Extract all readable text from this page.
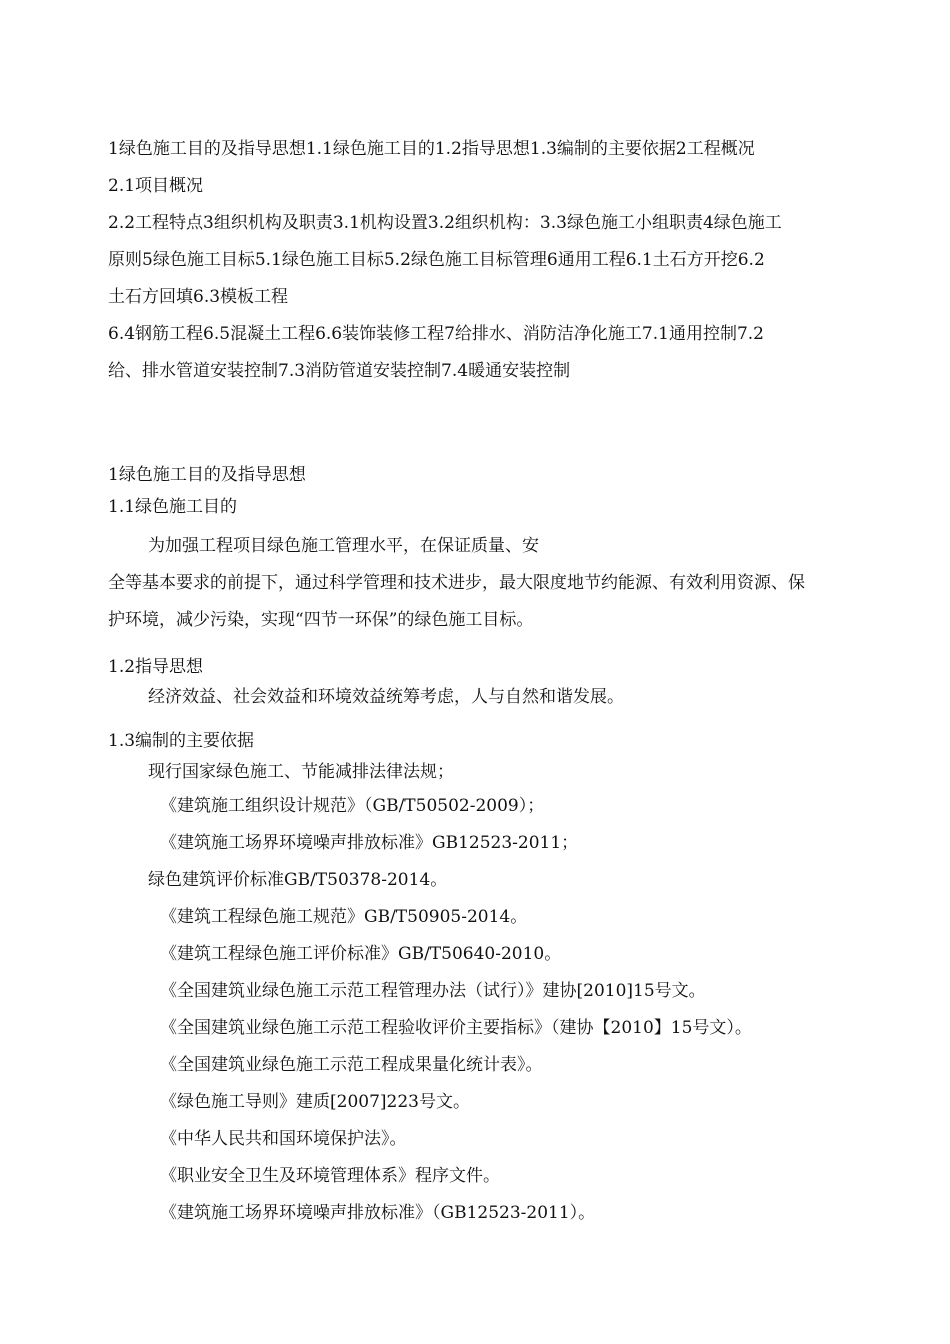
1绿色施工目的及指导思想1.1绿色施工目的1.2指导思想1.3编制的主要依据2工程概况
2.1项目概况
2.2工程特点3组织机构及职责3.1机构设置3.2组织机构：3.3绿色施工小组职责4绿色施工
原则5绿色施工目标5.1绿色施工目标5.2绿色施工目标管理6通用工程6.1土石方开挖6.2
土石方回填6.3模板工程
6.4钢筋工程6.5混凝土工程6.6装饰装修工程7给排水、消防洁净化施工7.1通用控制7.2
给、排水管道安装控制7.3消防管道安装控制7.4暖通安装控制
1绿色施工目的及指导思想
1.1绿色施工目的
为加强工程项目绿色施工管理水平，在保证质量、安
全等基本要求的前提下，通过科学管理和技术进步，最大限度地节约能源、有效利用资源、保
护环境，减少污染，实现“四节一环保”的绿色施工目标。
1.2指导思想
经济效益、社会效益和环境效益统筹考虑，人与自然和谐发展。
1.3编制的主要依据
现行国家绿色施工、节能减排法律法规；
《建筑施工组织设计规范》（GB/T50502-2009）；
《建筑施工场界环境噪声排放标准》GB12523-2011；
绿色建筑评价标准GB/T50378-2014。
《建筑工程绿色施工规范》GB/T50905-2014。
《建筑工程绿色施工评价标准》GB/T50640-2010。
《全国建筑业绿色施工示范工程管理办法（试行）》建协[2010]15号文。
《全国建筑业绿色施工示范工程验收评价主要指标》（建协【2010】15号文）。
《全国建筑业绿色施工示范工程成果量化统计表》。
《绿色施工导则》建质[2007]223号文。
《中华人民共和国环境保护法》。
《职业安全卫生及环境管理体系》程序文件。
《建筑施工场界环境噪声排放标准》（GB12523-2011）。
